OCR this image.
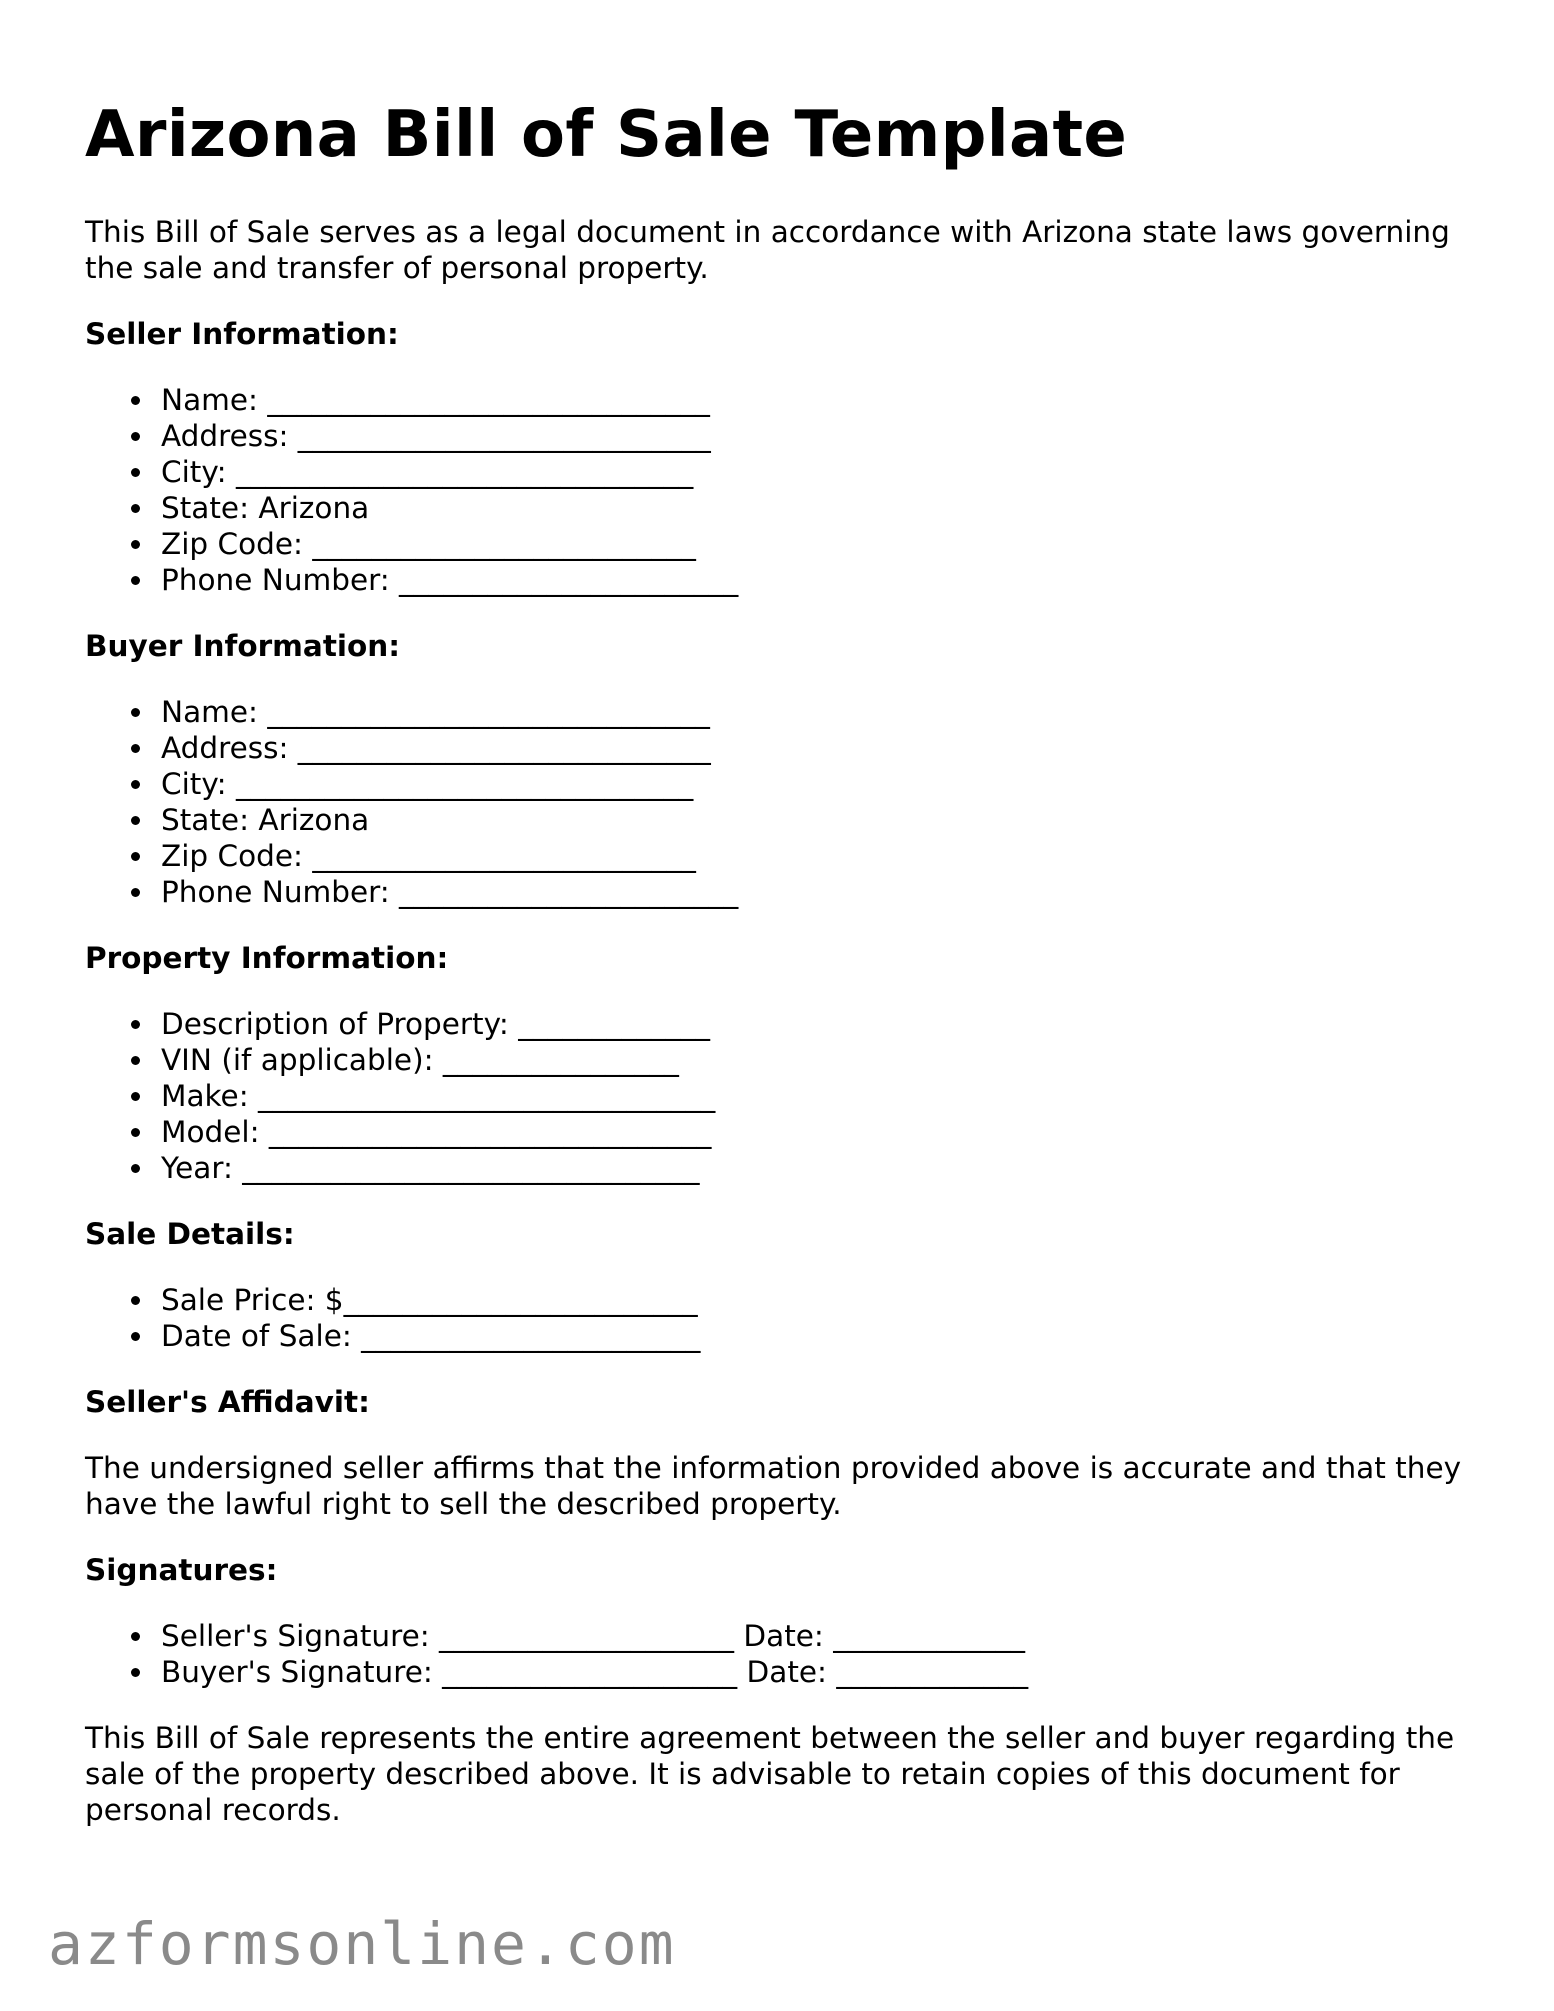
Arizona Bill of Sale Template

This Bill of Sale serves as a legal document in accordance with Arizona state laws governing the sale and transfer of personal property.

Seller Information:
Name: ______________________________
Address: ____________________________
City: _______________________________
State: Arizona
Zip Code: __________________________
Phone Number: _______________________
Buyer Information:
Name: ______________________________
Address: ____________________________
City: _______________________________
State: Arizona
Zip Code: __________________________
Phone Number: _______________________
Property Information:
Description of Property: _____________
VIN (if applicable): ________________
Make: _______________________________
Model: ______________________________
Year: _______________________________
Sale Details:
Sale Price: $________________________
Date of Sale: _______________________
Seller's Affidavit:

The undersigned seller affirms that the information provided above is accurate and that they have the lawful right to sell the described property.

Signatures:
Seller's Signature: ____________________ Date: _____________
Buyer's Signature: ____________________ Date: _____________

This Bill of Sale represents the entire agreement between the seller and buyer regarding the sale of the property described above. It is advisable to retain copies of this document for personal records.

azformsonline.com
